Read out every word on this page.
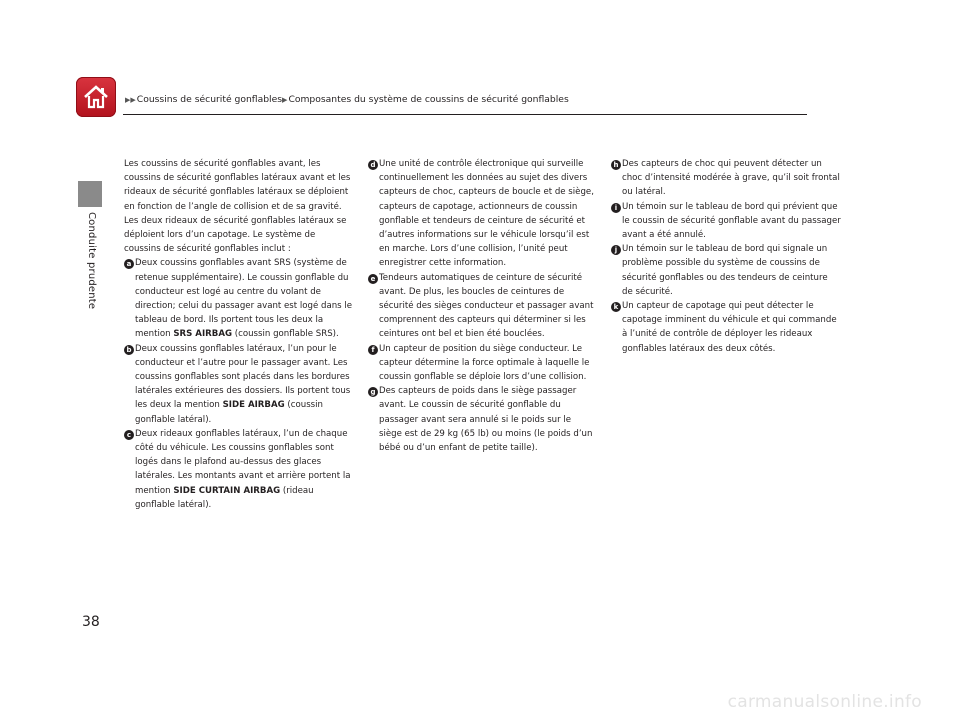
▶▶Coussins de sécurité gonflables▶Composantes du système de coussins de sécurité gonflables
Conduite prudente
38

Les coussins de sécurité gonflables avant, les coussins de sécurité gonflables latéraux avant et les rideaux de sécurité gonflables latéraux se déploient en fonction de l’angle de collision et de sa gravité. Les deux rideaux de sécurité gonflables latéraux se déploient lors d’un capotage. Le système de coussins de sécurité gonflables inclut :

a Deux coussins gonflables avant SRS (système de retenue supplémentaire). Le coussin gonflable du conducteur est logé au centre du volant de direction; celui du passager avant est logé dans le tableau de bord. Ils portent tous les deux la mention SRS AIRBAG (coussin gonflable SRS).

b Deux coussins gonflables latéraux, l’un pour le conducteur et l’autre pour le passager avant. Les coussins gonflables sont placés dans les bordures latérales extérieures des dossiers. Ils portent tous les deux la mention SIDE AIRBAG (coussin gonflable latéral).

c Deux rideaux gonflables latéraux, l’un de chaque côté du véhicule. Les coussins gonflables sont logés dans le plafond au-dessus des glaces latérales. Les montants avant et arrière portent la mention SIDE CURTAIN AIRBAG (rideau gonflable latéral).

d Une unité de contrôle électronique qui surveille continuellement les données au sujet des divers capteurs de choc, capteurs de boucle et de siège, capteurs de capotage, actionneurs de coussin gonflable et tendeurs de ceinture de sécurité et d’autres informations sur le véhicule lorsqu’il est en marche. Lors d’une collision, l’unité peut enregistrer cette information.

e Tendeurs automatiques de ceinture de sécurité avant. De plus, les boucles de ceintures de sécurité des sièges conducteur et passager avant comprennent des capteurs qui déterminer si les ceintures ont bel et bien été bouclées.

f Un capteur de position du siège conducteur. Le capteur détermine la force optimale à laquelle le coussin gonflable se déploie lors d’une collision.

g Des capteurs de poids dans le siège passager avant. Le coussin de sécurité gonflable du passager avant sera annulé si le poids sur le siège est de 29 kg (65 lb) ou moins (le poids d’un bébé ou d’un enfant de petite taille).

h Des capteurs de choc qui peuvent détecter un choc d’intensité modérée à grave, qu’il soit frontal ou latéral.

i Un témoin sur le tableau de bord qui prévient que le coussin de sécurité gonflable avant du passager avant a été annulé.

j Un témoin sur le tableau de bord qui signale un problème possible du système de coussins de sécurité gonflables ou des tendeurs de ceinture de sécurité.

k Un capteur de capotage qui peut détecter le capotage imminent du véhicule et qui commande à l’unité de contrôle de déployer les rideaux gonflables latéraux des deux côtés.

carmanualsonline.info
